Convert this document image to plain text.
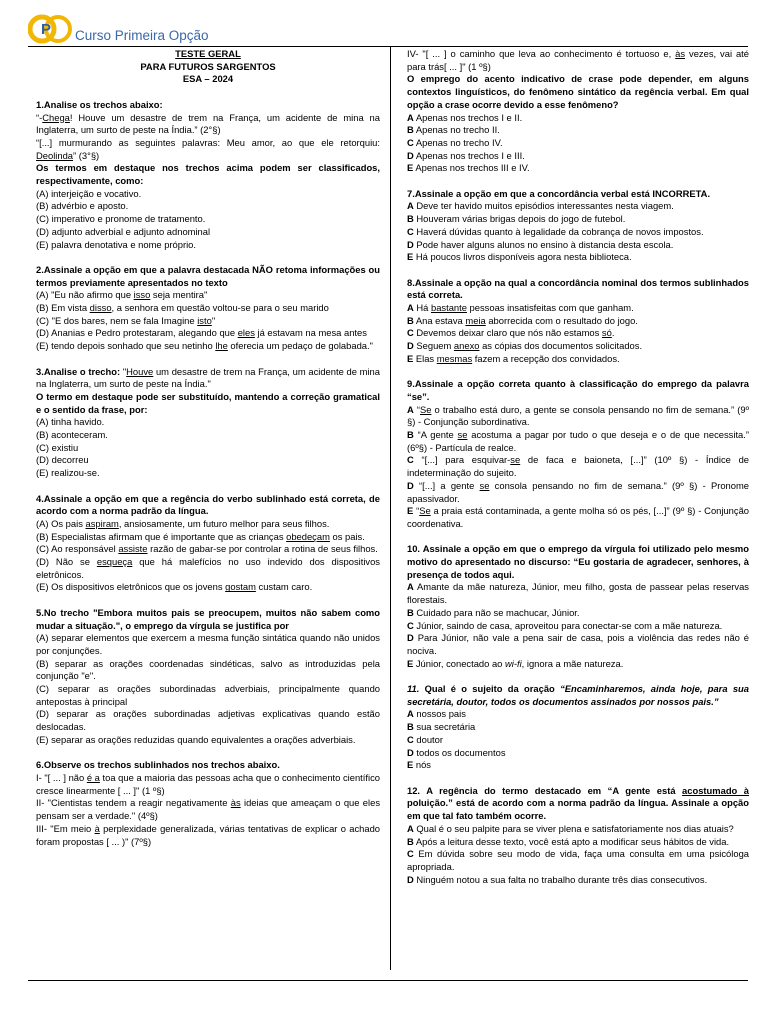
P Curso Primeira Opção
TESTE GERAL
PARA FUTUROS SARGENTOS
ESA – 2024
1.Analise os trechos abaixo:
“-Chega! Houve um desastre de trem na França, um acidente de mina na Inglaterra, um surto de peste na Índia.” (2°§)
“[...] murmurando as seguintes palavras: Meu amor, ao que ele retorquiu: Deolinda” (3°§)
Os termos em destaque nos trechos acima podem ser classificados, respectivamente, como:
(A) interjeição e vocativo.
(B) advérbio e aposto.
(C) imperativo e pronome de tratamento.
(D) adjunto adverbial e adjunto adnominal
(E) palavra denotativa e nome próprio.
2.Assinale a opção em que a palavra destacada NÃO retoma informações ou termos previamente apresentados no texto
(A) "Eu não afirmo que isso seja mentira"
(B) Em vista disso, a senhora em questão voltou-se para o seu marido
(C) "E dos bares, nem se fala Imagine isto"
(D) Ananias e Pedro protestaram, alegando que eles já estavam na mesa antes
(E) tendo depois sonhado que seu netinho lhe oferecia um pedaço de golabada."
3.Analise o trecho: "Houve um desastre de trem na França, um acidente de mina na Inglaterra, um surto de peste na Índia."
O termo em destaque pode ser substituído, mantendo a correção gramatical e o sentido da frase, por:
(A) tinha havido.
(B) aconteceram.
(C) existiu
(D) decorreu
(E) realizou-se.
4.Assinale a opção em que a regência do verbo sublinhado está correta, de acordo com a norma padrão da língua.
(A) Os pais aspiram, ansiosamente, um futuro melhor para seus filhos.
(B) Especialistas afirmam que é importante que as crianças obedeçam os pais.
(C) Ao responsável assiste razão de gabar-se por controlar a rotina de seus filhos.
(D) Não se esqueça que há malefícios no uso indevido dos dispositivos eletrônicos.
(E) Os dispositivos eletrônicos que os jovens gostam custam caro.
5.No trecho "Embora muitos pais se preocupem, muitos não sabem como mudar a situação.", o emprego da vírgula se justifica por
(A) separar elementos que exercem a mesma função sintática quando não unidos por conjunções.
(B) separar as orações coordenadas sindéticas, salvo as introduzidas pela conjunção "e".
(C) separar as orações subordinadas adverbiais, principalmente quando antepostas à principal
(D) separar as orações subordinadas adjetivas explicativas quando estão deslocadas.
(E) separar as orações reduzidas quando equivalentes a orações adverbiais.
6.Observe os trechos sublinhados nos trechos abaixo.
I- "[ ... ] não é a toa que a maioria das pessoas acha que o conhecimento científico cresce linearmente [ ... ]" (1 º§)
II- "Cientistas tendem a reagir negativamente às ideias que ameaçam o que eles pensam ser a verdade." (4º§)
III- "Em meio à perplexidade generalizada, várias tentativas de explicar o achado foram propostas [ ... )" (7º§)
IV- "[ ... ] o caminho que leva ao conhecimento é tortuoso e, às vezes, vai até para trás[ ... ]" (1 º§)
O emprego do acento indicativo de crase pode depender, em alguns contextos linguísticos, do fenômeno sintático da regência verbal. Em qual opção a crase ocorre devido a esse fenômeno?
A Apenas nos trechos I e II.
B Apenas no trecho II.
C Apenas no trecho IV.
D Apenas nos trechos I e III.
E Apenas nos trechos III e IV.
7.Assinale a opção em que a concordância verbal está INCORRETA.
A Deve ter havido muitos episódios interessantes nesta viagem.
B Houveram várias brigas depois do jogo de futebol.
C Haverá dúvidas quanto à legalidade da cobrança de novos impostos.
D Pode haver alguns alunos no ensino à distancia desta escola.
E Há poucos livros disponíveis agora nesta biblioteca.
8.Assinale a opção na qual a concordância nominal dos termos sublinhados está correta.
A Há bastante pessoas insatisfeitas com que ganham.
B Ana estava meia aborrecida com o resultado do jogo.
C Devemos deixar claro que nós não estamos só.
D Seguem anexo as cópias dos documentos solicitados.
E Elas mesmas fazem a recepção dos convidados.
9.Assinale a opção correta quanto à classificação do emprego da palavra “se”.
A “Se o trabalho está duro, a gente se consola pensando no fim de semana.” (9º §) - Conjunção subordinativa.
B “A gente se acostuma a pagar por tudo o que deseja e o de que necessita.” (6º§) - Partícula de realce.
C “[...] para esquivar-se de faca e baioneta, [...]” (10º §) - Índice de indeterminação do sujeito.
D “[...] a gente se consola pensando no fim de semana.” (9º §) - Pronome apassivador.
E “Se a praia está contaminada, a gente molha só os pés, [...]” (9º §) - Conjunção coordenativa.
10. Assinale a opção em que o emprego da vírgula foi utilizado pelo mesmo motivo do apresentado no discurso: “Eu gostaria de agradecer, senhores, à presença de todos aqui.
A Amante da mãe natureza, Júnior, meu filho, gosta de passear pelas reservas florestais.
B Cuidado para não se machucar, Júnior.
C Júnior, saindo de casa, aproveitou para conectar-se com a mãe natureza.
D Para Júnior, não vale a pena sair de casa, pois a violência das redes não é nociva.
E Júnior, conectado ao wi-fi, ignora a mãe natureza.
11. Qual é o sujeito da oração “Encaminharemos, ainda hoje, para sua secretária, doutor, todos os documentos assinados por nossos pais.”
A nossos pais
B sua secretária
C doutor
D todos os documentos
E nós
12. A regência do termo destacado em “A gente está acostumado à poluição.” está de acordo com a norma padrão da língua. Assinale a opção em que tal fato também ocorre.
A Qual é o seu palpite para se viver plena e satisfatoriamente nos dias atuais?
B Após a leitura desse texto, você está apto a modificar seus hábitos de vida.
C Em dúvida sobre seu modo de vida, faça uma consulta em uma psicóloga apropriada.
D Ninguém notou a sua falta no trabalho durante três dias consecutivos.
